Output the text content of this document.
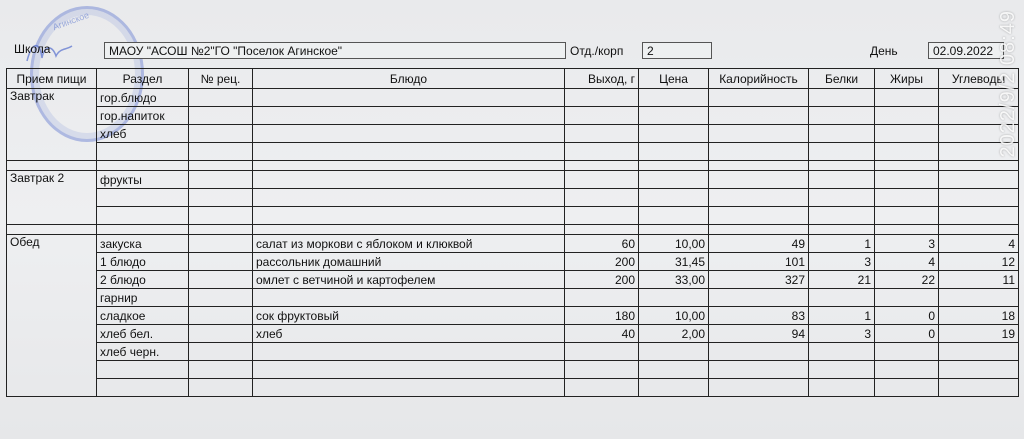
Агинское
Школа	МАОУ "АСОШ №2"ГО "Поселок Агинское"	Отд./корп	2	День	02.09.2022
Прием пищи	Раздел	№ рец.	Блюдо	Выход, г	Цена	Калорийность	Белки	Жиры	Углеводы
Завтрак	гор.блюдо								
	гор.напиток								
	хлеб								

Завтрак 2	фрукты								

Обед	закуска		салат из моркови с яблоком и клюквой	60	10,00	49	1	3	4
	1 блюдо		рассольник домашний	200	31,45	101	3	4	12
	2 блюдо		омлет с ветчиной и картофелем	200	33,00	327	21	22	11
	гарнир								
	сладкое		сок фруктовый	180	10,00	83	1	0	18
	хлеб бел.		хлеб	40	2,00	94	3	0	19
	хлеб черн.								

2022/9/2 08:49
